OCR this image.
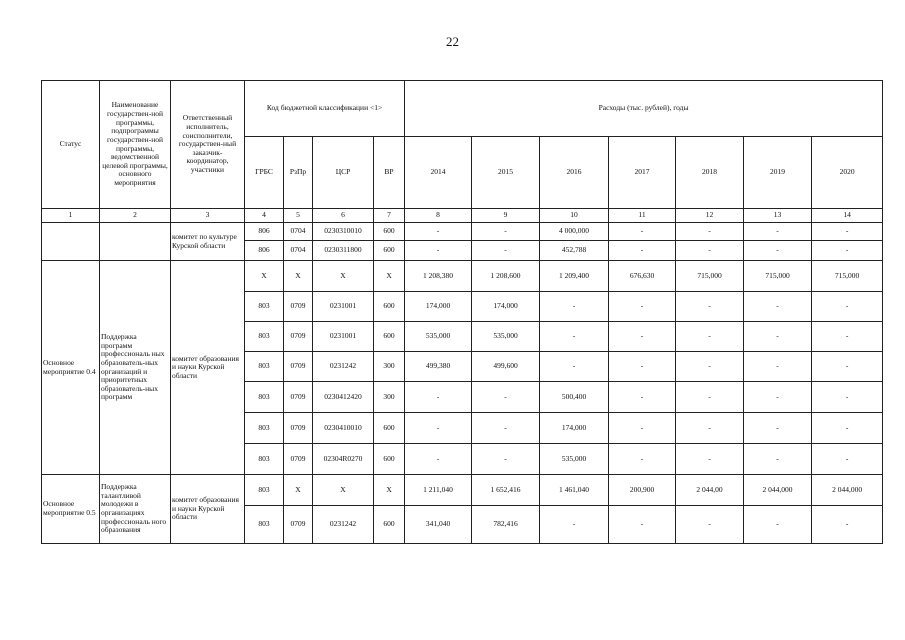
22
Статус	Наименование государствен-ной программы, подпрограммы государствен-ной программы, ведомственной целевой программы, основного мероприятия	Ответственный исполнитель, соисполнители, государствен-ный заказчик-координатор, участники	Код бюджетной классификации <1>				Расходы (тыс. рублей), годы						
			ГРБС	РзПр	ЦСР	ВР	2014	2015	2016	2017	2018	2019	2020
1	2	3	4	5	6	7	8	9	10	11	12	13	14
		комитет по культуре Курской области	806	0704	0230310010	600	-	-	4 000,000	-	-	-	-
			806	0704	0230311800	600	-	-	452,788	-	-	-	-
Основное мероприятие 0.4	Поддержка программ профессиональ ных образователь-ных организаций и приоритетных образователь-ных программ	комитет образования и науки Курской области	Х	Х	Х	Х	1 208,380	1 208,600	1 209,400	676,630	715,000	715,000	715,000
			803	0709	0231001	600	174,000	174,000	-	-	-	-	-
			803	0709	0231001	600	535,000	535,000	-	-	-	-	-
			803	0709	0231242	300	499,380	499,600	-	-	-	-	-
			803	0709	0230412420	300	-	-	500,400	-	-	-	-
			803	0709	0230410010	600	-	-	174,000	-	-	-	-
			803	0709	02304R0270	600	-	-	535,000	-	-	-	-
Основное мероприятие 0.5	Поддержка талантливой молодежи в организациях профессиональ ного образования	комитет образования и науки Курской области	803	Х	Х	Х	1 211,040	1 652,416	1 461,040	200,900	2 044,00	2 044,000	2 044,000
			803	0709	0231242	600	341,040	782,416	-	-	-	-	-
